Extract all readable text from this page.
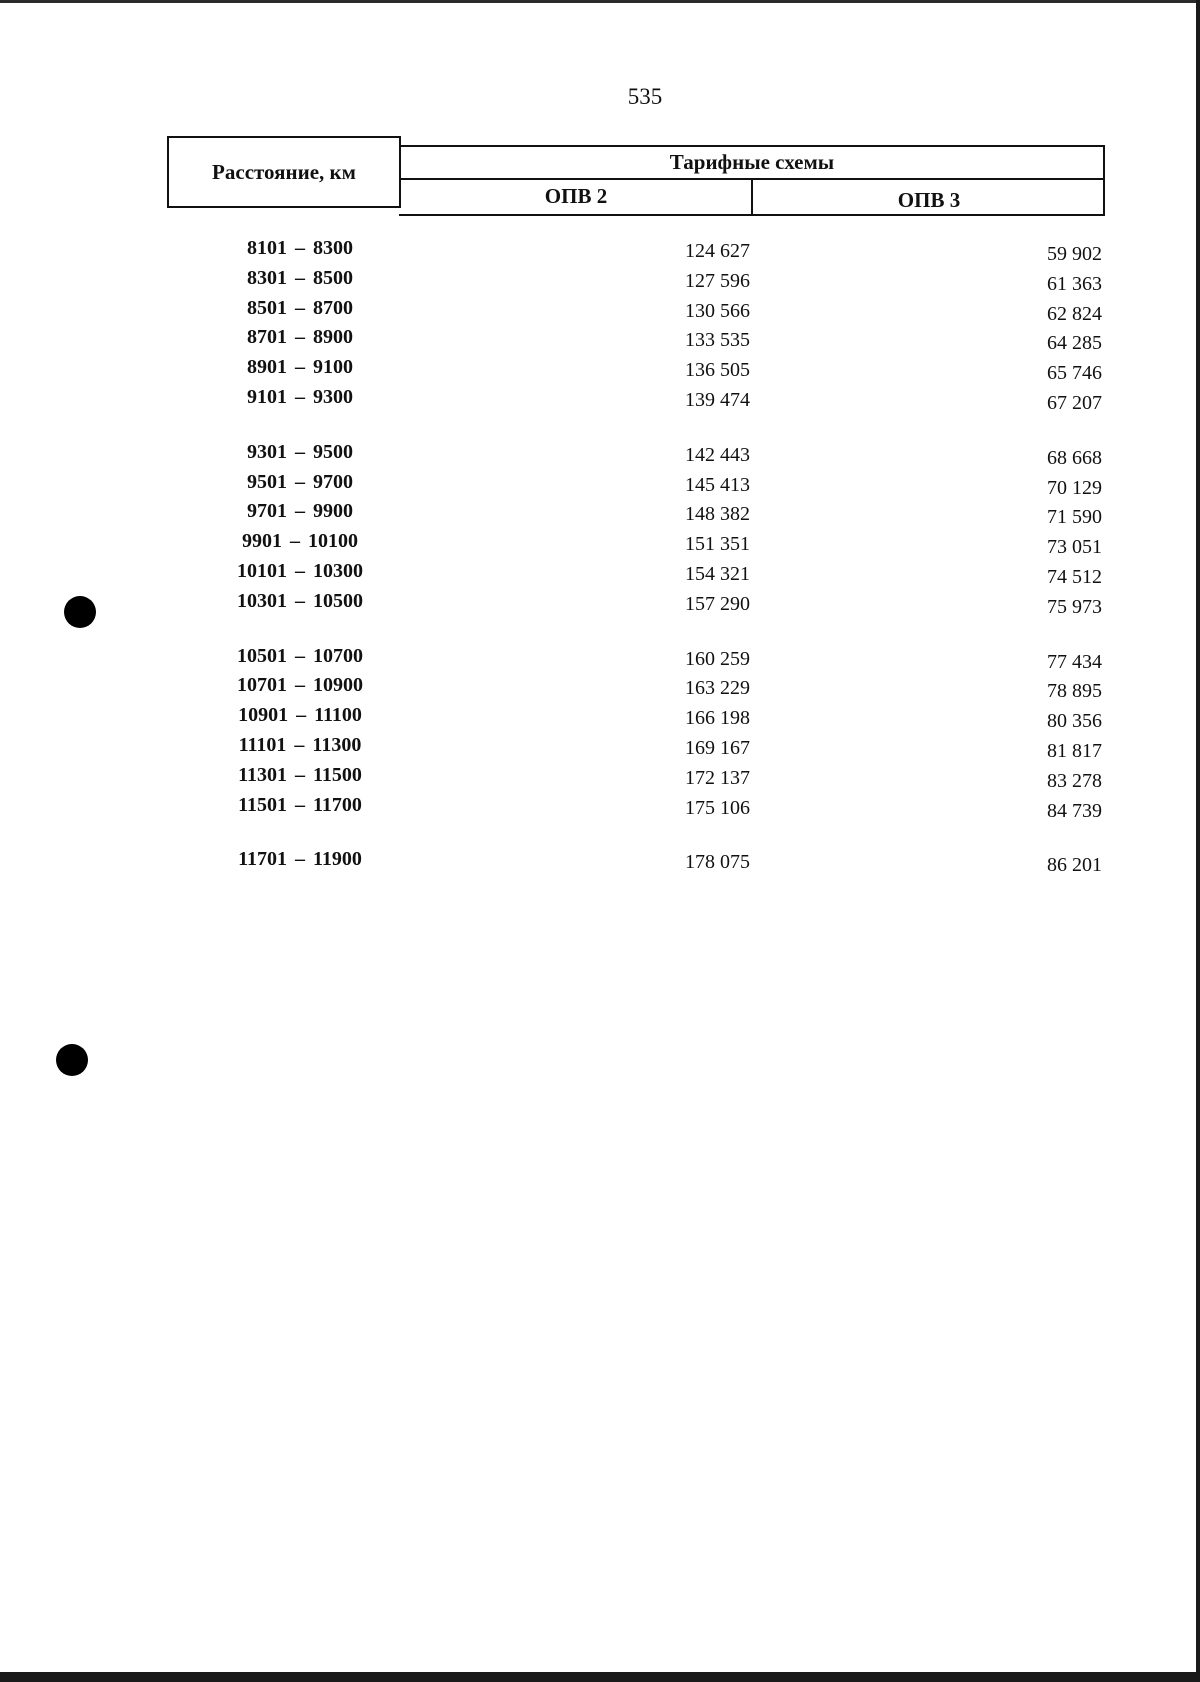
535
Расстояние, км	Тарифные схемы
ОПВ 2	ОПВ 3
8101 – 8300	124 627	59 902
8301 – 8500	127 596	61 363
8501 – 8700	130 566	62 824
8701 – 8900	133 535	64 285
8901 – 9100	136 505	65 746
9101 – 9300	139 474	67 207
9301 – 9500	142 443	68 668
9501 – 9700	145 413	70 129
9701 – 9900	148 382	71 590
9901 – 10100	151 351	73 051
10101 – 10300	154 321	74 512
10301 – 10500	157 290	75 973
10501 – 10700	160 259	77 434
10701 – 10900	163 229	78 895
10901 – 11100	166 198	80 356
11101 – 11300	169 167	81 817
11301 – 11500	172 137	83 278
11501 – 11700	175 106	84 739
11701 – 11900	178 075	86 201
